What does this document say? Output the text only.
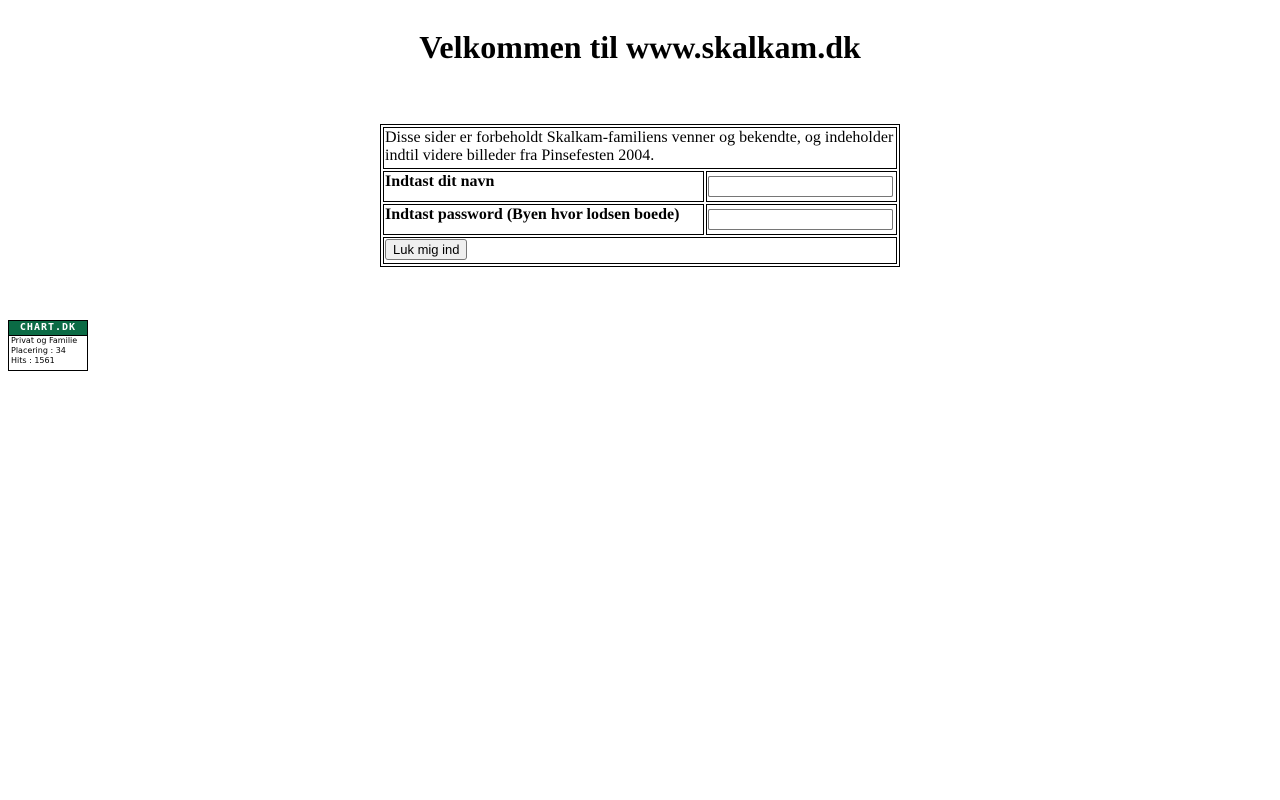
Velkommen til www.skalkam.dk
Disse sider er forbeholdt Skalkam-familiens venner og bekendte, og indeholder indtil videre billeder fra Pinsefesten 2004.	
Indtast dit navn	
Indtast password (Byen hvor lodsen boede)	
Luk mig ind	
CHART.DK
Privat og Familie
Placering : 34
Hits : 1561
